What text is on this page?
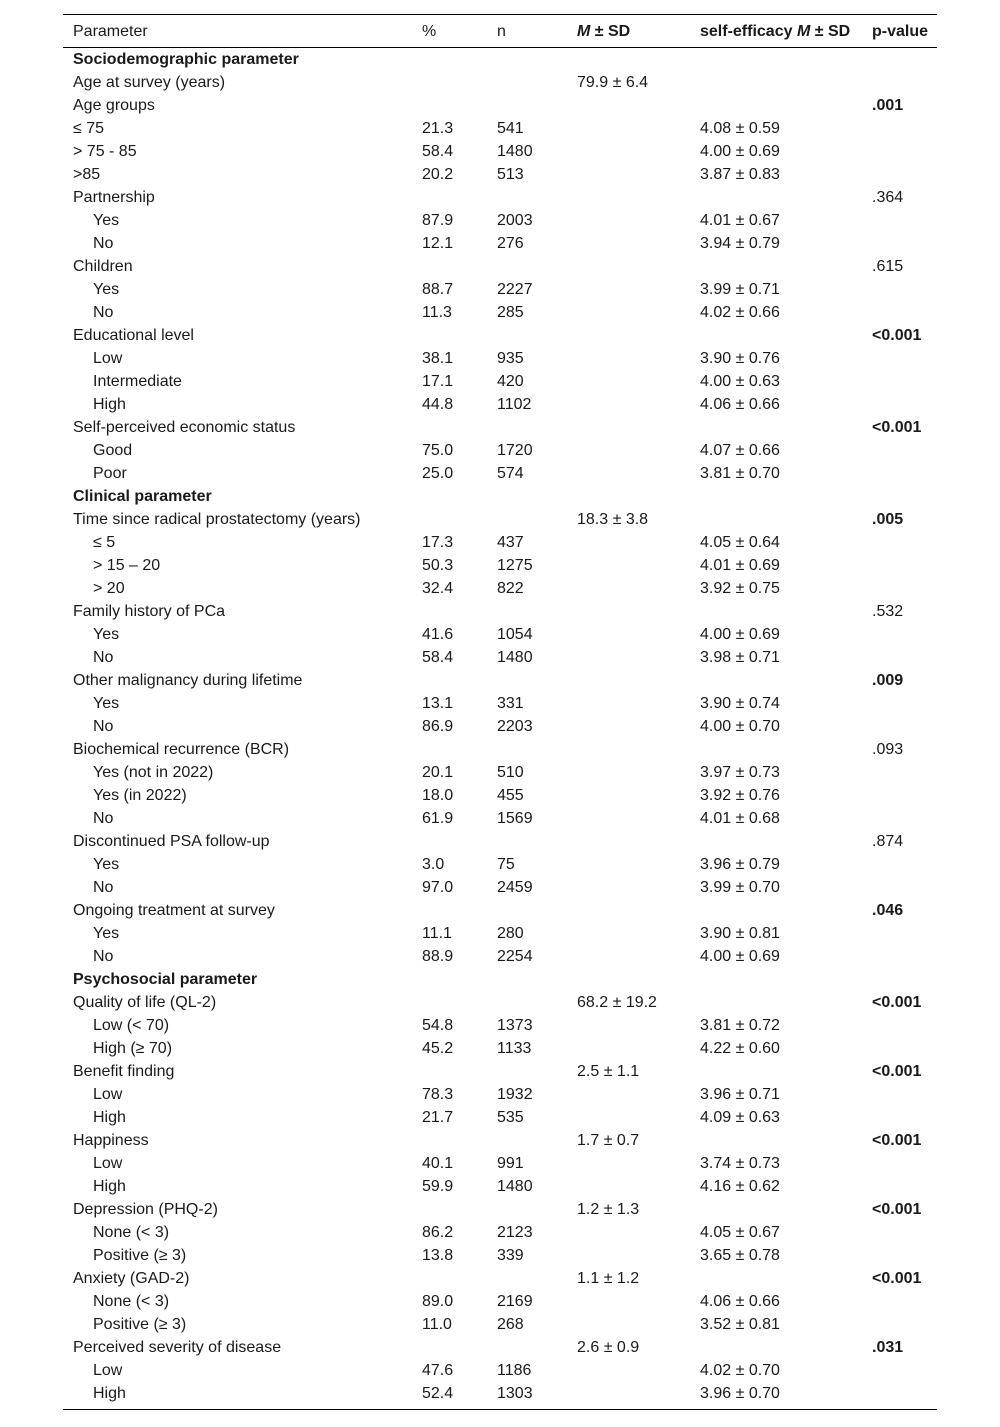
Parameter	%	n	M ± SD	self-efficacy M ± SD	p-value
Sociodemographic parameter					
Age at survey (years)			79.9 ± 6.4		
Age groups					.001
≤ 75	21.3	541		4.08 ± 0.59	
> 75 - 85	58.4	1480		4.00 ± 0.69	
>85	20.2	513		3.87 ± 0.83	
Partnership					.364
Yes	87.9	2003		4.01 ± 0.67	
No	12.1	276		3.94 ± 0.79	
Children					.615
Yes	88.7	2227		3.99 ± 0.71	
No	11.3	285		4.02 ± 0.66	
Educational level					<0.001
Low	38.1	935		3.90 ± 0.76	
Intermediate	17.1	420		4.00 ± 0.63	
High	44.8	1102		4.06 ± 0.66	
Self-perceived economic status					<0.001
Good	75.0	1720		4.07 ± 0.66	
Poor	25.0	574		3.81 ± 0.70	
Clinical parameter					
Time since radical prostatectomy (years)			18.3 ± 3.8		.005
≤ 5	17.3	437		4.05 ± 0.64	
> 15 – 20	50.3	1275		4.01 ± 0.69	
> 20	32.4	822		3.92 ± 0.75	
Family history of PCa					.532
Yes	41.6	1054		4.00 ± 0.69	
No	58.4	1480		3.98 ± 0.71	
Other malignancy during lifetime					.009
Yes	13.1	331		3.90 ± 0.74	
No	86.9	2203		4.00 ± 0.70	
Biochemical recurrence (BCR)					.093
Yes (not in 2022)	20.1	510		3.97 ± 0.73	
Yes (in 2022)	18.0	455		3.92 ± 0.76	
No	61.9	1569		4.01 ± 0.68	
Discontinued PSA follow-up					.874
Yes	3.0	75		3.96 ± 0.79	
No	97.0	2459		3.99 ± 0.70	
Ongoing treatment at survey					.046
Yes	11.1	280		3.90 ± 0.81	
No	88.9	2254		4.00 ± 0.69	
Psychosocial parameter					
Quality of life (QL-2)			68.2 ± 19.2		<0.001
Low (< 70)	54.8	1373		3.81 ± 0.72	
High (≥ 70)	45.2	1133		4.22 ± 0.60	
Benefit finding			2.5 ± 1.1		<0.001
Low	78.3	1932		3.96 ± 0.71	
High	21.7	535		4.09 ± 0.63	
Happiness			1.7 ± 0.7		<0.001
Low	40.1	991		3.74 ± 0.73	
High	59.9	1480		4.16 ± 0.62	
Depression (PHQ-2)			1.2 ± 1.3		<0.001
None (< 3)	86.2	2123		4.05 ± 0.67	
Positive (≥ 3)	13.8	339		3.65 ± 0.78	
Anxiety (GAD-2)			1.1 ± 1.2		<0.001
None (< 3)	89.0	2169		4.06 ± 0.66	
Positive (≥ 3)	11.0	268		3.52 ± 0.81	
Perceived severity of disease			2.6 ± 0.9		.031
Low	47.6	1186		4.02 ± 0.70	
High	52.4	1303		3.96 ± 0.70	
